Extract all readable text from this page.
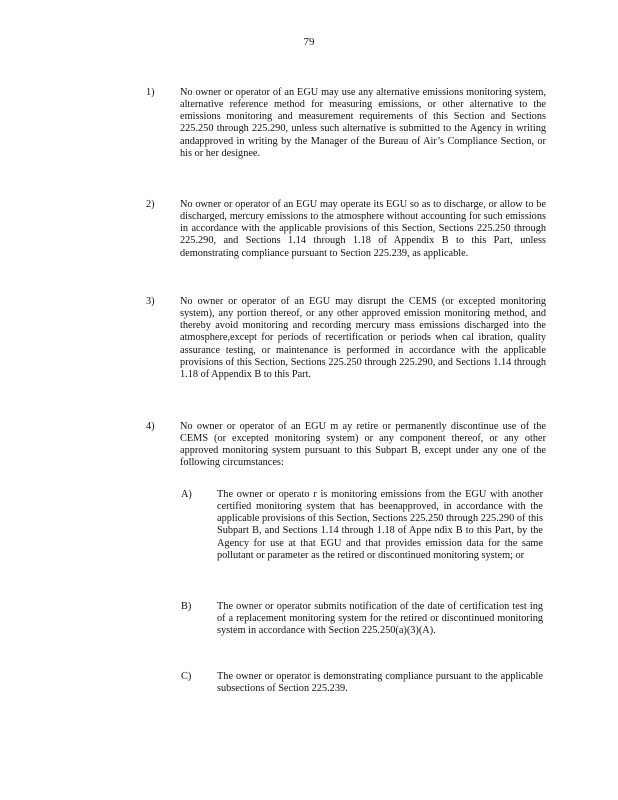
79
1) No owner or operator of an EGU may use any alternative emissions monitoring system, alternative reference method for measuring emissions, or other alternative to the emissions monitoring and measurement requirements of this Section and Sections 225.250 through 225.290, unless such alternative is submitted to the Agency in writing andapproved in writing by the Manager of the Bureau of Air’s Compliance Section, or his or her designee.
2) No owner or operator of an EGU may operate its EGU so as to discharge, or allow to be discharged, mercury emissions to the atmosphere without accounting for such emissions in accordance with the applicable provisions of this Section, Sections 225.250 through 225.290, and Sections 1.14 through 1.18 of Appendix B to this Part, unless demonstrating compliance pursuant to Section 225.239, as applicable.
3) No owner or operator of an EGU may disrupt the CEMS (or excepted monitoring system), any portion thereof, or any other approved emission monitoring method, and thereby avoid monitoring and recording mercury mass emissions discharged into the atmosphere,except for periods of recertification or periods when cal ibration, quality assurance testing, or maintenance is performed in accordance with the applicable provisions of this Section, Sections 225.250 through 225.290, and Sections 1.14 through 1.18 of Appendix B to this Part.
4) No owner or operator of an EGU m ay retire or permanently discontinue use of the CEMS (or excepted monitoring system) or any component thereof, or any other approved monitoring system pursuant to this Subpart B, except under any one of the following circumstances:
A) The owner or operato r is monitoring emissions from the EGU with another certified monitoring system that has beenapproved, in accordance with the applicable provisions of this Section, Sections 225.250 through 225.290 of this Subpart B, and Sections 1.14 through 1.18 of Appe ndix B to this Part, by the Agency for use at that EGU and that provides emission data for the same pollutant or parameter as the retired or discontinued monitoring system; or
B) The owner or operator submits notification of the date of certification test ing of a replacement monitoring system for the retired or discontinued monitoring system in accordance with Section 225.250(a)(3)(A).
C) The owner or operator is demonstrating compliance pursuant to the applicable subsections of Section 225.239.
